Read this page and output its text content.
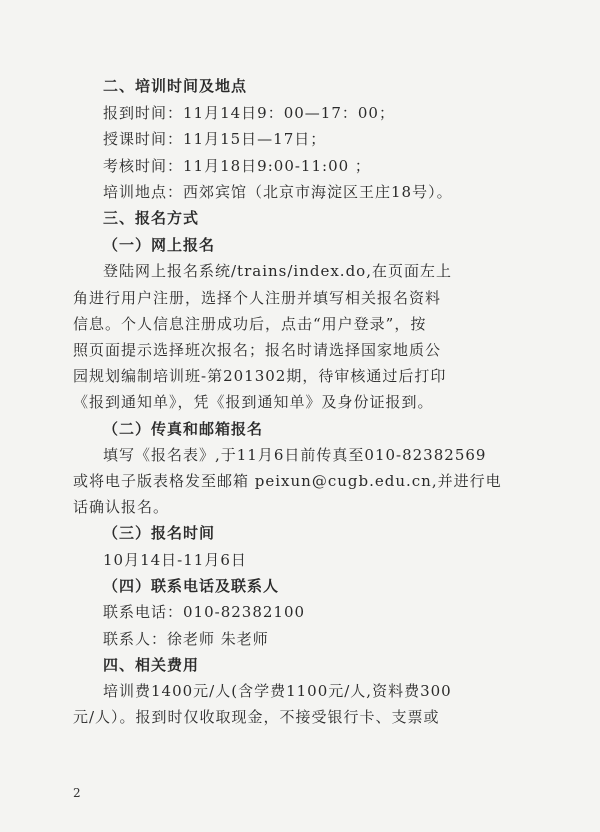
二、培训时间及地点
报到时间：11月14日9：00—17：00；
授课时间：11月15日—17日；
考核时间：11月18日9:00-11:00 ；
培训地点：西郊宾馆（北京市海淀区王庄18号）。
三、报名方式
（一）网上报名
登陆网上报名系统/trains/index.do,在页面左上
角进行用户注册，选择个人注册并填写相关报名资料
信息。个人信息注册成功后，点击“用户登录”，按
照页面提示选择班次报名；报名时请选择国家地质公
园规划编制培训班-第201302期，待审核通过后打印
《报到通知单》，凭《报到通知单》及身份证报到。
（二）传真和邮箱报名
填写《报名表》,于11月6日前传真至010-82382569
或将电子版表格发至邮箱 peixun@cugb.edu.cn,并进行电
话确认报名。
（三）报名时间
10月14日-11月6日
（四）联系电话及联系人
联系电话：010-82382100
联系人：徐老师 朱老师
四、相关费用
培训费1400元/人(含学费1100元/人,资料费300
元/人）。报到时仅收取现金，不接受银行卡、支票或
2
